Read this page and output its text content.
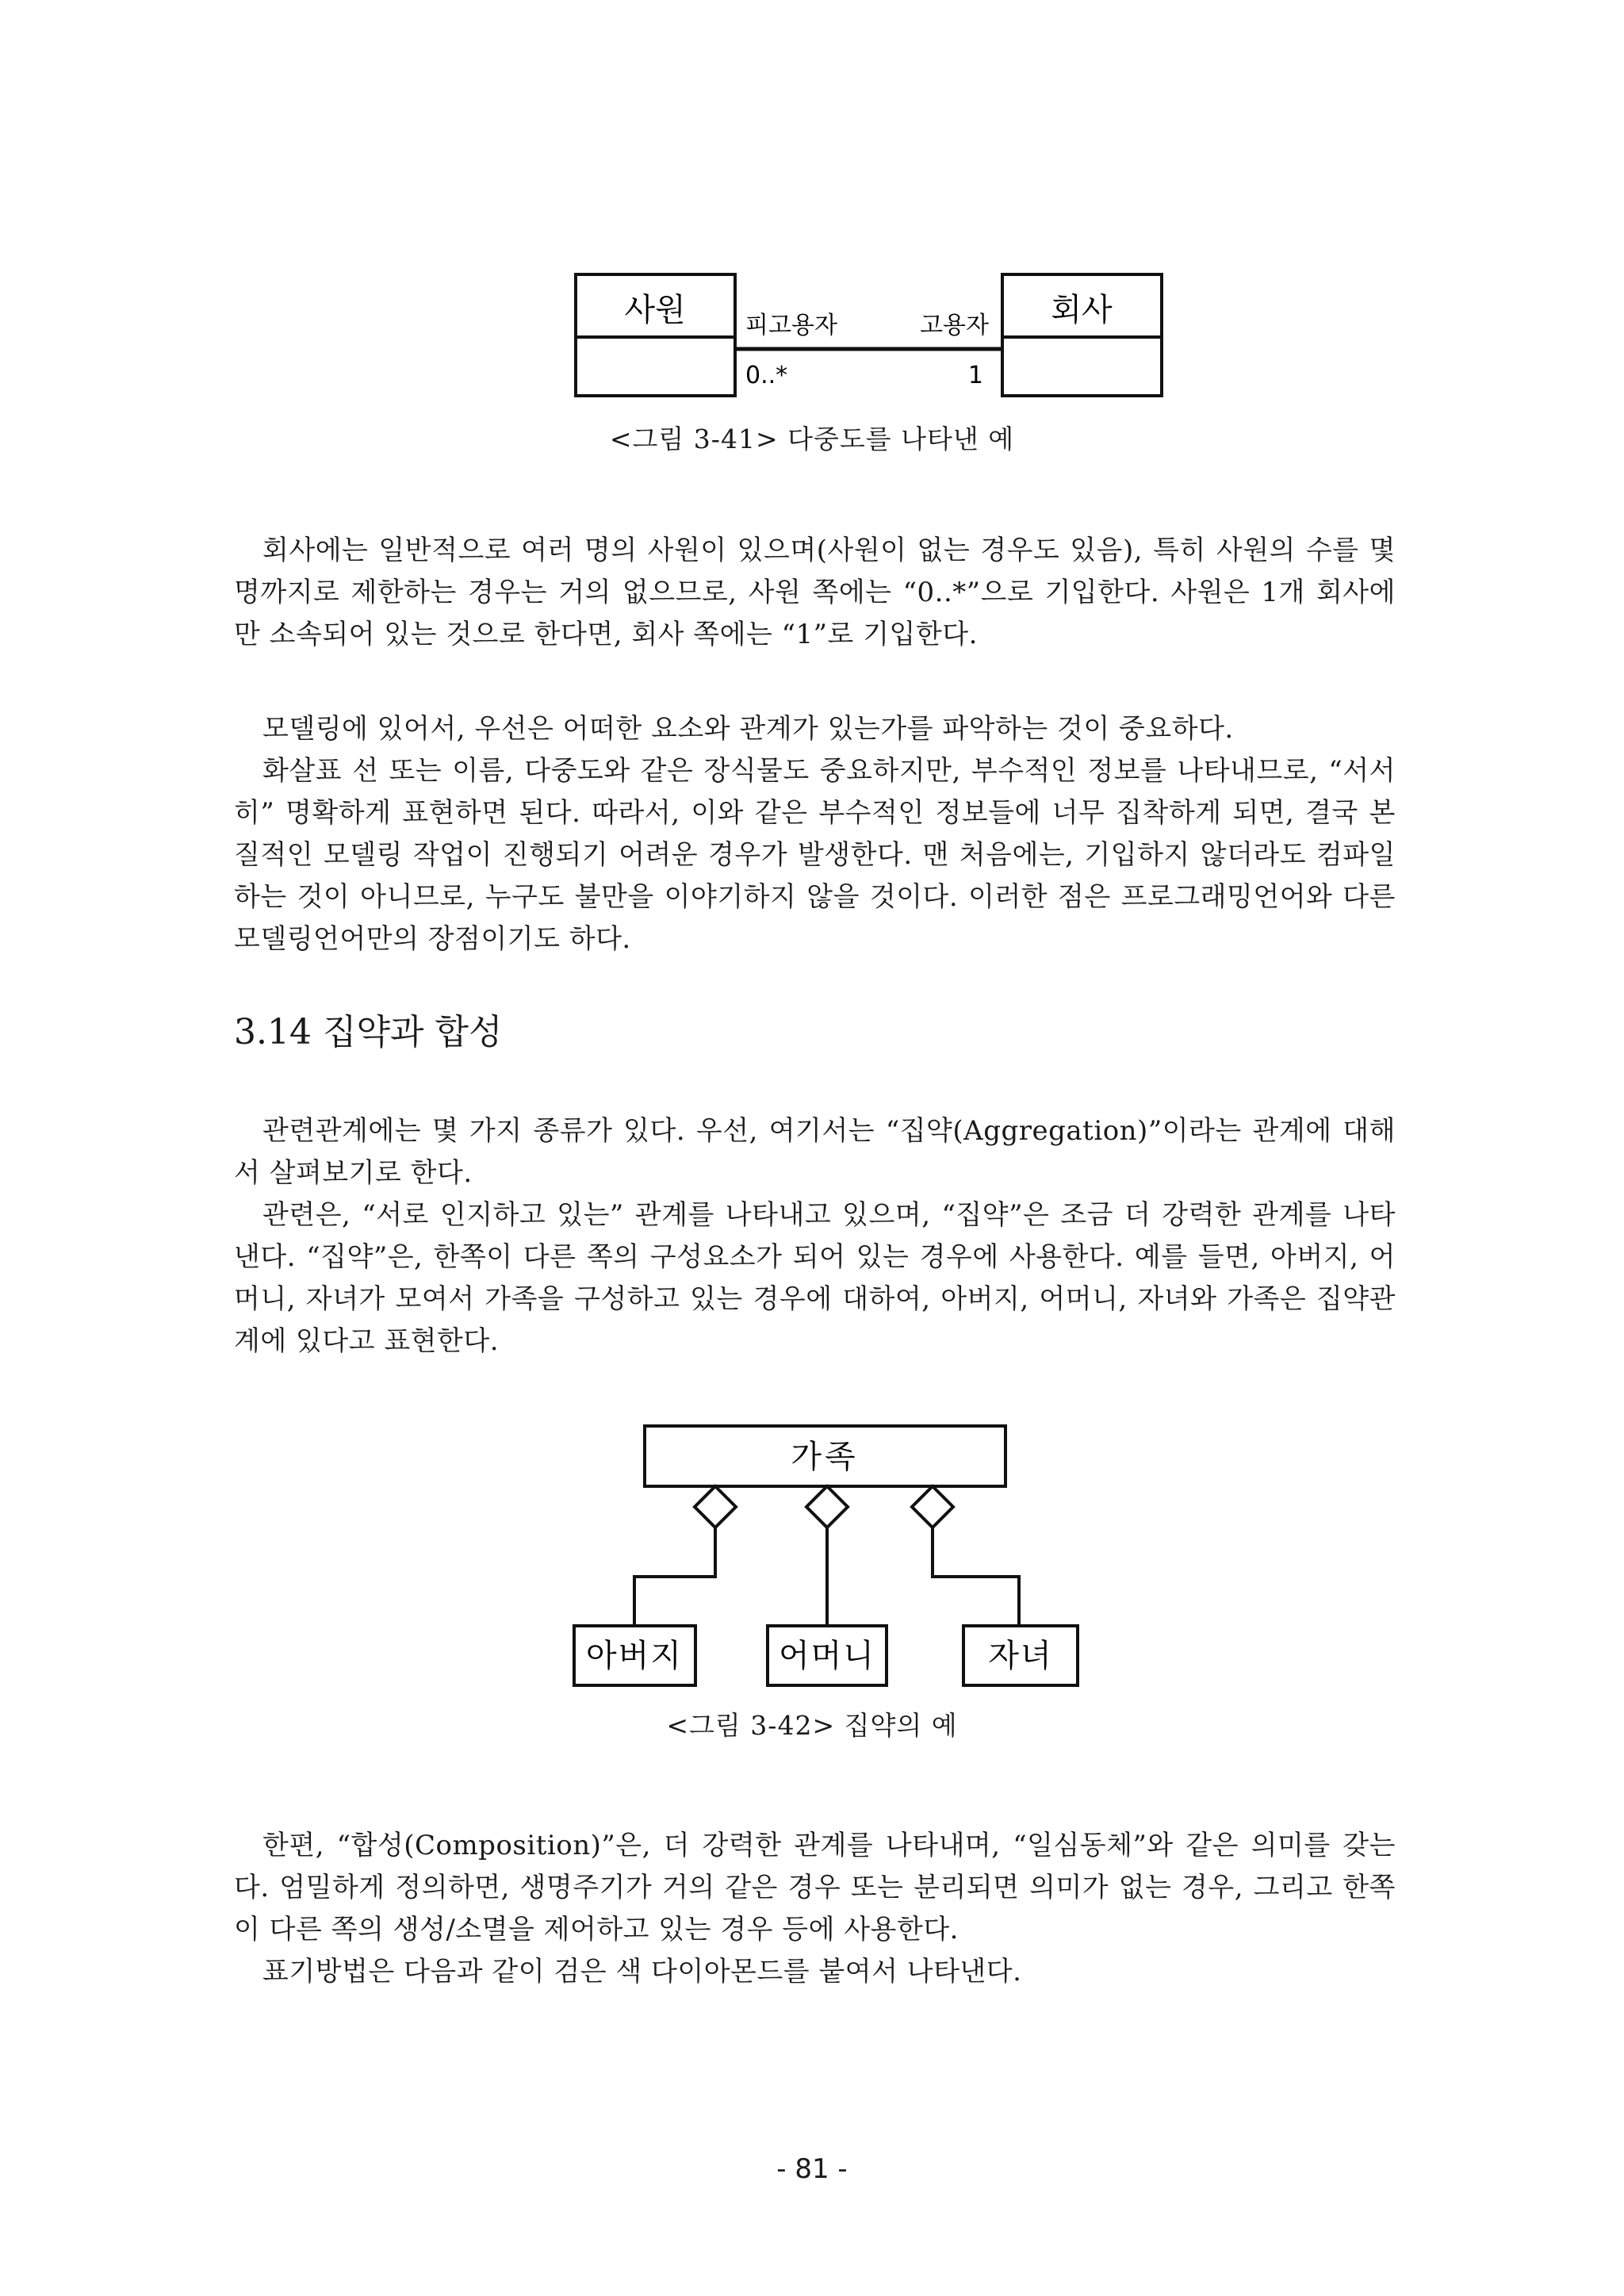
사원	회사
피고용자	고용자
0..*	1
<그림 3-41> 다중도를 나타낸 예

회사에는 일반적으로 여러 명의 사원이 있으며(사원이 없는 경우도 있음), 특히 사원의 수를 몇 명까지로 제한하는 경우는 거의 없으므로, 사원 쪽에는 “0..*”으로 기입한다. 사원은 1개 회사에만 소속되어 있는 것으로 한다면, 회사 쪽에는 “1”로 기입한다.

모델링에 있어서, 우선은 어떠한 요소와 관계가 있는가를 파악하는 것이 중요하다.

화살표 선 또는 이름, 다중도와 같은 장식물도 중요하지만, 부수적인 정보를 나타내므로, “서서히” 명확하게 표현하면 된다. 따라서, 이와 같은 부수적인 정보들에 너무 집착하게 되면, 결국 본질적인 모델링 작업이 진행되기 어려운 경우가 발생한다. 맨 처음에는, 기입하지 않더라도 컴파일하는 것이 아니므로, 누구도 불만을 이야기하지 않을 것이다. 이러한 점은 프로그래밍언어와 다른 모델링언어만의 장점이기도 하다.

3.14 집약과 합성

관련관계에는 몇 가지 종류가 있다. 우선, 여기서는 “집약(Aggregation)”이라는 관계에 대해서 살펴보기로 한다.

관련은, “서로 인지하고 있는” 관계를 나타내고 있으며, “집약”은 조금 더 강력한 관계를 나타낸다. “집약”은, 한쪽이 다른 쪽의 구성요소가 되어 있는 경우에 사용한다. 예를 들면, 아버지, 어머니, 자녀가 모여서 가족을 구성하고 있는 경우에 대하여, 아버지, 어머니, 자녀와 가족은 집약관계에 있다고 표현한다.

가족
아버지	어머니	자녀
<그림 3-42> 집약의 예

한편, “합성(Composition)”은, 더 강력한 관계를 나타내며, “일심동체”와 같은 의미를 갖는다. 엄밀하게 정의하면, 생명주기가 거의 같은 경우 또는 분리되면 의미가 없는 경우, 그리고 한쪽이 다른 쪽의 생성/소멸을 제어하고 있는 경우 등에 사용한다.

표기방법은 다음과 같이 검은 색 다이아몬드를 붙여서 나타낸다.

- 81 -
